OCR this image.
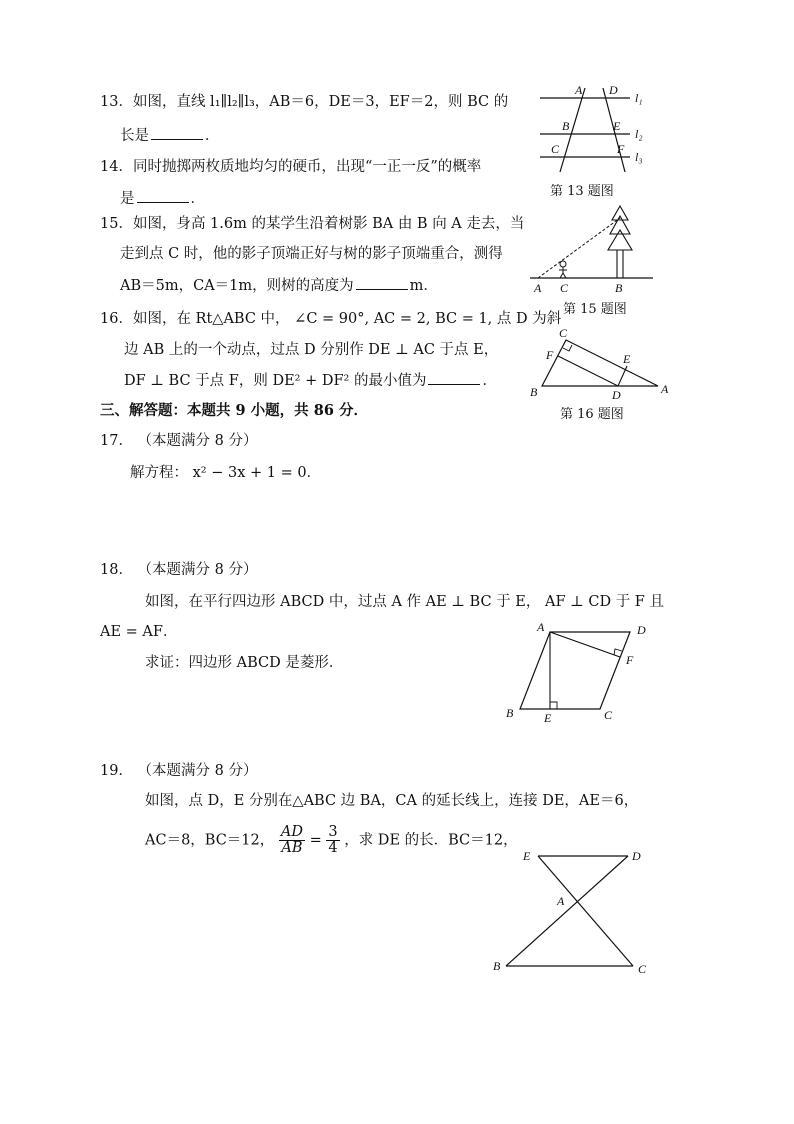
13．如图，直线 l₁∥l₂∥l₃，AB＝6，DE＝3，EF＝2，则 BC 的
长是	．
A D
l₁
B	E
l₂
C	F
l₃
第 13 题图
14．同时抛掷两枚质地均匀的硬币，出现“一正一反”的概率
是	．
15．如图，身高 1.6m 的某学生沿着树影 BA 由 B 向 A 走去，当
走到点 C 时，他的影子顶端正好与树的影子顶端重合，测得
AB＝5m，CA＝1m，则树的高度为	m．	A C	B
第 15 题图
16．如图，在 Rt△ABC 中， ∠C = 90°, AC = 2, BC = 1, 点 D 为斜
边 AB 上的一个动点，过点 D 分别作 DE ⊥ AC 于点 E，
DF ⊥ BC 于点 F，则 DE² + DF² 的最小值为	．
C
F	E
B	D	A
第 16 题图
三、解答题：本题共 9 小题，共 86 分．
17． （本题满分 8 分）
解方程： x² − 3x + 1 = 0．
18． （本题满分 8 分）
如图，在平行四边形 ABCD 中，过点 A 作 AE ⊥ BC 于 E， AF ⊥ CD 于 F 且
AE = AF．
求证：四边形 ABCD 是菱形．
A	D
F
B	E	C
19． （本题满分 8 分）
如图，点 D，E 分别在△ABC 边 BA，CA 的延长线上，连接 DE，AE＝6，
AC＝8，BC＝12， $\frac{AD}{AB} = \frac{3}{4}$ ，求 DE 的长．BC＝12，
E	D
A
B	C
